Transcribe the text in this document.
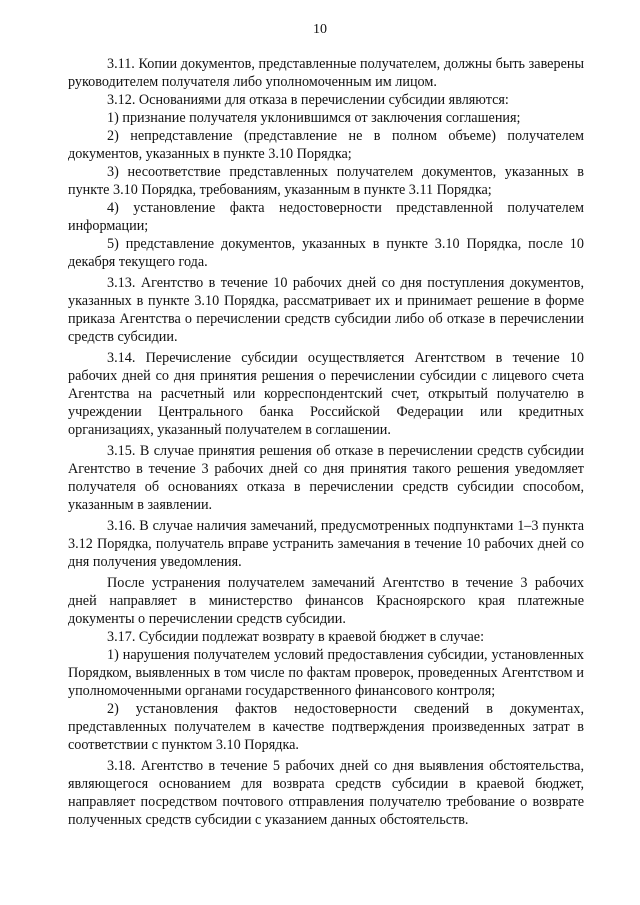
10

3.11. Копии документов, представленные получателем, должны быть заверены руководителем получателя либо уполномоченным им лицом.

3.12. Основаниями для отказа в перечислении субсидии являются:

1) признание получателя уклонившимся от заключения соглашения;

2) непредставление (представление не в полном объеме) получателем документов, указанных в пункте 3.10 Порядка;

3) несоответствие представленных получателем документов, указанных в пункте 3.10 Порядка, требованиям, указанным в пункте 3.11 Порядка;

4) установление факта недостоверности представленной получателем информации;

5) представление документов, указанных в пункте 3.10 Порядка, после 10 декабря текущего года.

3.13. Агентство в течение 10 рабочих дней со дня поступления документов, указанных в пункте 3.10 Порядка, рассматривает их и принимает решение в форме приказа Агентства о перечислении средств субсидии либо об отказе в перечислении средств субсидии.

3.14. Перечисление субсидии осуществляется Агентством в течение 10 рабочих дней со дня принятия решения о перечислении субсидии с лицевого счета Агентства на расчетный или корреспондентский счет, открытый получателю в учреждении Центрального банка Российской Федерации или кредитных организациях, указанный получателем в соглашении.

3.15. В случае принятия решения об отказе в перечислении средств субсидии Агентство в течение 3 рабочих дней со дня принятия такого решения уведомляет получателя об основаниях отказа в перечислении средств субсидии способом, указанным в заявлении.

3.16. В случае наличия замечаний, предусмотренных подпунктами 1–3 пункта 3.12 Порядка, получатель вправе устранить замечания в течение 10 рабочих дней со дня получения уведомления.

После устранения получателем замечаний Агентство в течение 3 рабочих дней направляет в министерство финансов Красноярского края платежные документы о перечислении средств субсидии.

3.17. Субсидии подлежат возврату в краевой бюджет в случае:

1) нарушения получателем условий предоставления субсидии, установленных Порядком, выявленных в том числе по фактам проверок, проведенных Агентством и уполномоченными органами государственного финансового контроля;

2) установления фактов недостоверности сведений в документах, представленных получателем в качестве подтверждения произведенных затрат в соответствии с пунктом 3.10 Порядка.

3.18. Агентство в течение 5 рабочих дней со дня выявления обстоятельства, являющегося основанием для возврата средств субсидии в краевой бюджет, направляет посредством почтового отправления получателю требование о возврате полученных средств субсидии с указанием данных обстоятельств.
